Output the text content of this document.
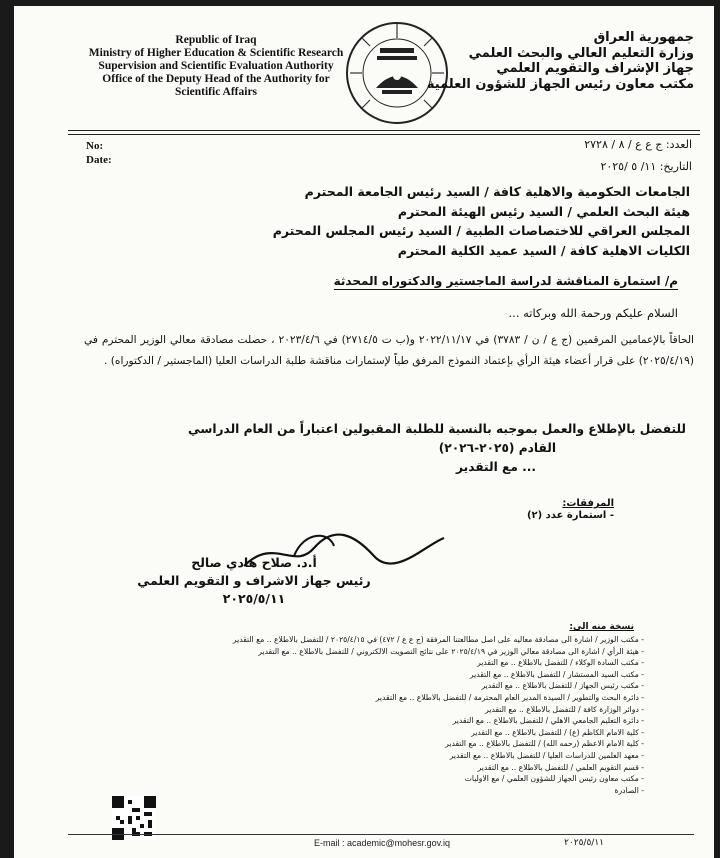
Republic of Iraq
Ministry of Higher Education & Scientific Research
Supervision and Scientific Evaluation Authority
Office of the Deputy Head of the Authority for
Scientific Affairs
جمهورية العراق
وزارة التعليم العالي والبحث العلمي
جهاز الإشراف والتقويم العلمي
مكتب معاون رئيس الجهاز للشؤون العلمية
No:
Date:
العدد: ج ع ع / ٨ / ٢٧٢٨
التاريخ: ١١/ ٥ /٢٠٢٥
الجامعات الحكومية والاهلية كافة / السيد رئيس الجامعة المحترم
هيئة البحث العلمي / السيد رئيس الهيئة المحترم
المجلس العراقي للاختصاصات الطبية / السيد رئيس المجلس المحترم
الكليات الاهلية كافة / السيد عميد الكلية المحترم
م/ استمارة المناقشة لدراسة الماجستير والدكتوراه المحدثة
السلام عليكم ورحمة الله وبركاته ...
الحاقاً بالإعمامين المرقمين (ج ع / ن / ٣٧٨٣) في ٢٠٢٢/١١/١٧ و(ب ت ٢٧١٤/٥) في ٢٠٢٣/٤/٦ ، حصلت مصادقة معالي الوزير المحترم في (٢٠٢٥/٤/١٩) على قرار أعضاء هيئة الرأي بإعتماد النموذج المرفق طياً لإستمارات مناقشة طلبة الدراسات العليا (الماجستير / الدكتوراه) .
للتفضل بالإطلاع والعمل بموجبه بالنسبة للطلبة المقبولين اعتباراً من العام الدراسي
القادم (٢٠٢٥-٢٠٢٦)
... مع التقدير
المرفقات:
- استمارة عدد (٢)
أ.د. صلاح هادي صالح
رئيس جهاز الاشراف و التقويم العلمي
٢٠٢٥/٥/١١
نسخة منه الى:
- مكتب الوزير / اشارة الى مصادقة معاليه على اصل مطالعتنا المرفقة (ج ع ع / ٤٧٢) في ٢٠٢٥/٤/١٥ / للتفضل بالاطلاع .. مع التقدير
- هيئة الرأي / اشارة الى مصادقة معالي الوزير في ٢٠٢٥/٤/١٩ على نتائج التصويت الالكتروني / للتفضل بالاطلاع .. مع التقدير
- مكتب السادة الوكلاء / للتفضل بالاطلاع .. مع التقدير
- مكتب السيد المستشار / للتفضل بالاطلاع .. مع التقدير
- مكتب رئيس الجهاز / للتفضل بالاطلاع .. مع التقدير
- دائرة البحث والتطوير / السيدة المدير العام المحترمة / للتفضل بالاطلاع .. مع التقدير
- دوائر الوزارة كافة / للتفضل بالاطلاع .. مع التقدير
- دائرة التعليم الجامعي الاهلي / للتفضل بالاطلاع .. مع التقدير
- كلية الامام الكاظم (ع) / للتفضل بالاطلاع .. مع التقدير
- كلية الامام الاعظم (رحمه الله) / للتفضل بالاطلاع .. مع التقدير
- معهد العلمين للدراسات العليا / للتفضل بالاطلاع .. مع التقدير
- قسم التقويم العلمي / للتفضل بالاطلاع .. مع التقدير
- مكتب معاون رئيس الجهاز للشؤون العلمي / مع الاوليات
- الصادرة
E-mail : academic@mohesr.gov.iq	٢٠٢٥/٥/١١
